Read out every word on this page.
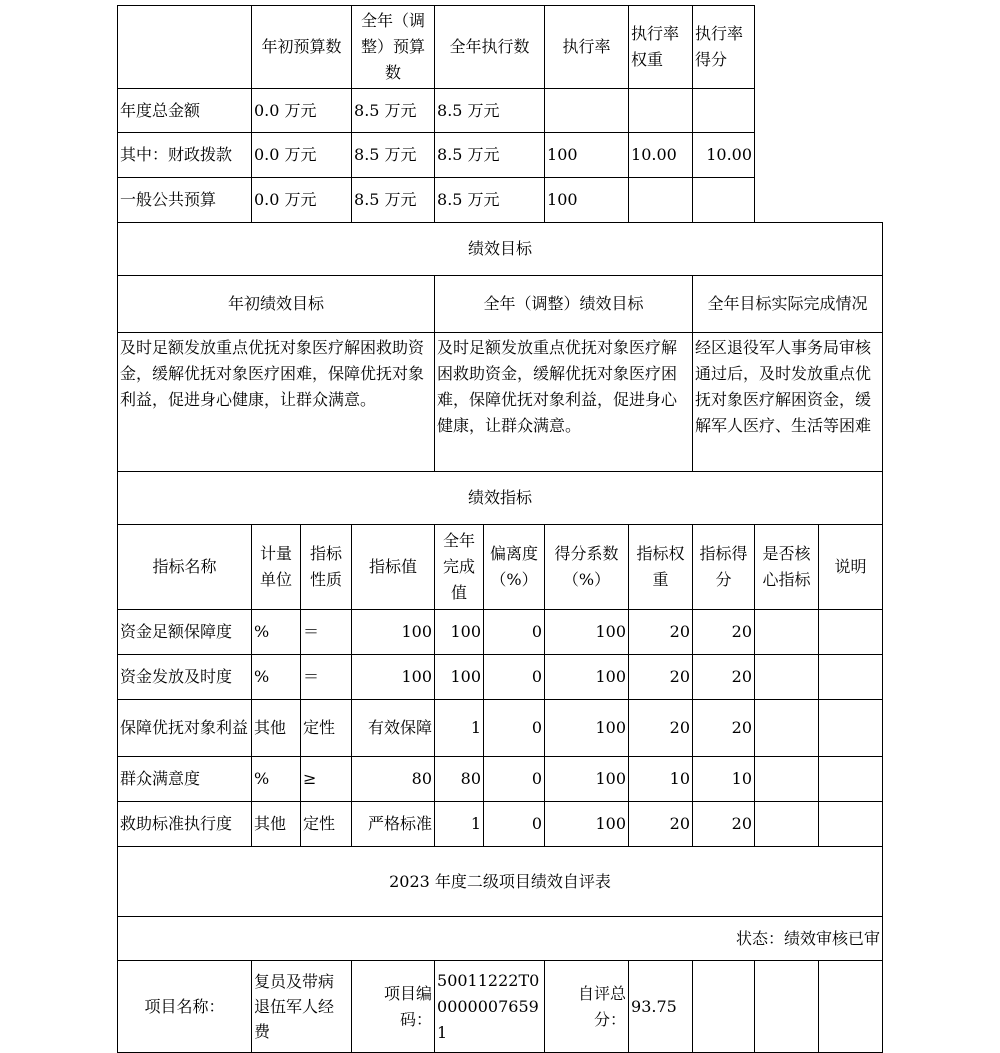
	年初预算数		全年（调整）预算数	全年执行数		执行率	执行率权重	执行率得分		
年度总金额	0.0 万元		8.5 万元	8.5 万元						
其中：财政拨款	0.0 万元		8.5 万元	8.5 万元		100	10.00	10.00		
一般公共预算	0.0 万元		8.5 万元	8.5 万元		100				
绩效目标										
年初绩效目标				全年（调整）绩效目标				全年目标实际完成情况		
及时足额发放重点优抚对象医疗解困救助资金，缓解优抚对象医疗困难，保障优抚对象利益，促进身心健康，让群众满意。				及时足额发放重点优抚对象医疗解困救助资金，缓解优抚对象医疗困难，保障优抚对象利益，促进身心健康，让群众满意。				经区退役军人事务局审核通过后，及时发放重点优抚对象医疗解困资金，缓解军人医疗、生活等困难		
绩效指标										
指标名称	计量单位	指标性质	指标值	全年完成值	偏离度（%）	得分系数（%）	指标权重	指标得分	是否核心指标	说明
资金足额保障度	%	＝	100	100	0	100	20	20		
资金发放及时度	%	＝	100	100	0	100	20	20		
保障优抚对象利益	其他	定性	有效保障	1	0	100	20	20		
群众满意度	%	≥	80	80	0	100	10	10		
救助标准执行度	其他	定性	严格标准	1	0	100	20	20		
2023 年度二级项目绩效自评表										
状态：绩效审核已审										
项目名称：	复员及带病退伍军人经费		项目编码：	50011222T000000076591		自评总分：	93.75			
